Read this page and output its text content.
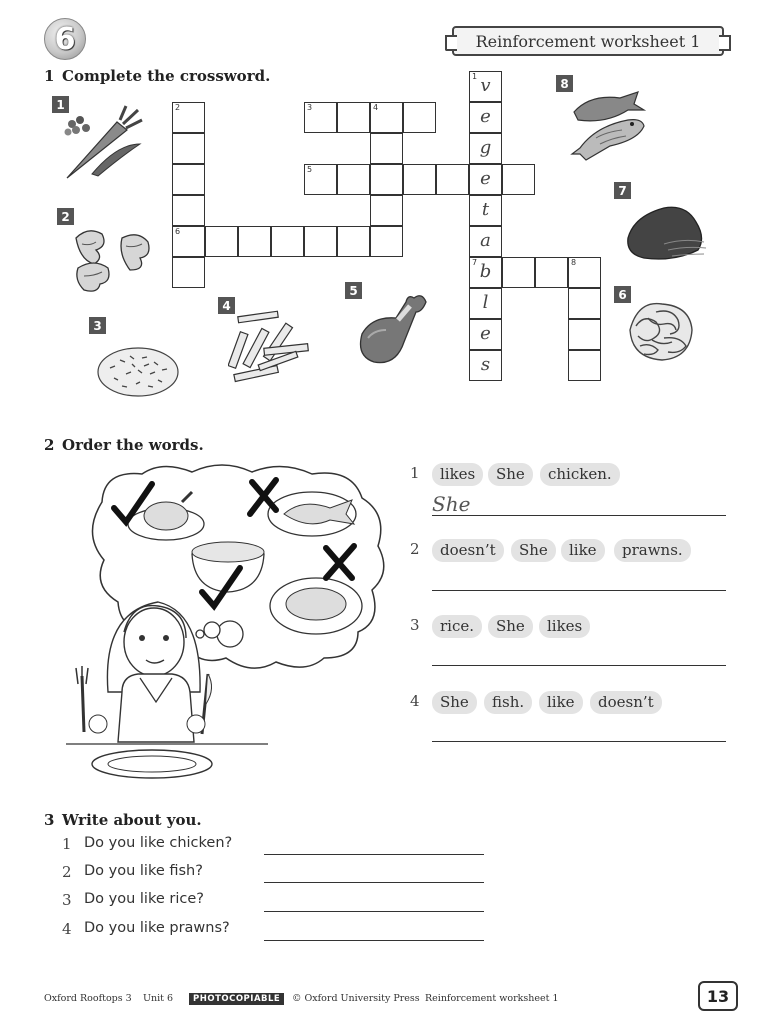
6	Reinforcement worksheet 1
1 Complete the crossword.
1
2
3
4
5	6
7
8
2
6
3	4
5
1 v
e
g
e
t
a
7 b
l
e
s
8
2 Order the words.
1	likes	She	chicken.
She
2	doesn’t	She	like	prawns.
3	rice.	She	likes
4	She	fish.	like	doesn’t
3 Write about you.
1 Do you like chicken?
2 Do you like fish?
3 Do you like rice?
4 Do you like prawns?
Oxford Rooftops 3 Unit 6	PHOTOCOPIABLE	© Oxford University Press Reinforcement worksheet 1	13
